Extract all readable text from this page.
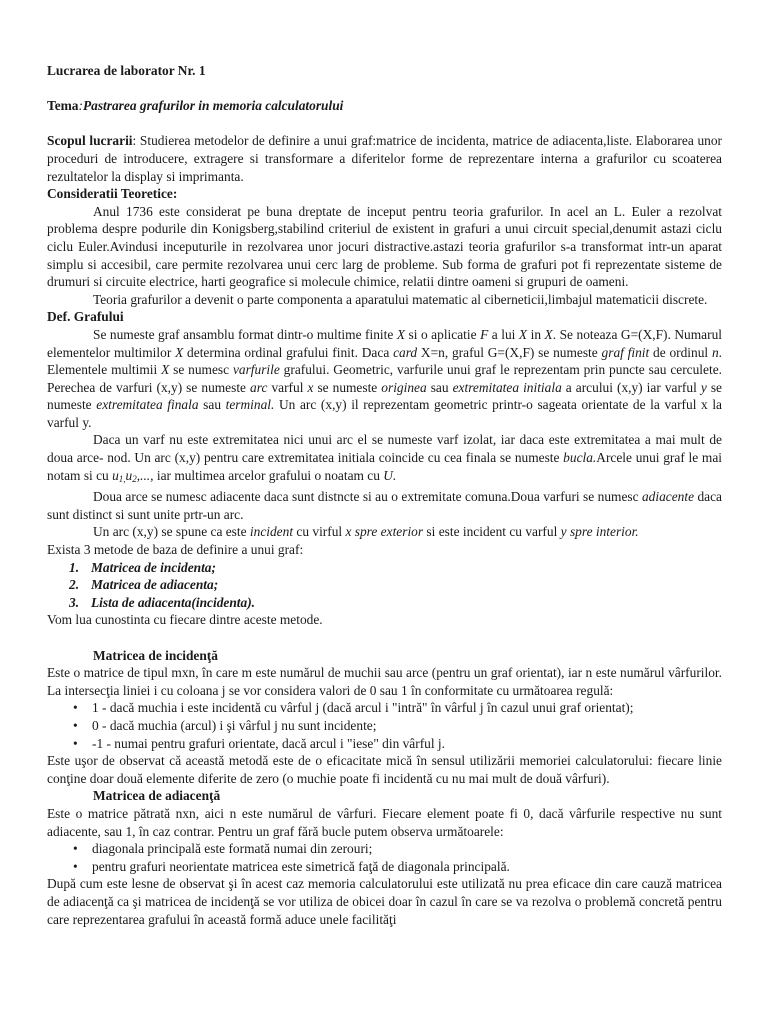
Lucrarea de laborator Nr. 1

Tema:Pastrarea grafurilor in memoria calculatorului

Scopul lucrarii: Studierea metodelor de definire a unui graf:matrice de incidenta, matrice de adiacenta,liste. Elaborarea unor proceduri de introducere, extragere si transformare a diferitelor forme de reprezentare interna a grafurilor cu scoaterea rezultatelor la display si imprimanta.

Consideratii Teoretice:

Anul 1736 este considerat pe buna dreptate de inceput pentru teoria grafurilor. In acel an L. Euler a rezolvat problema despre podurile din Konigsberg,stabilind criteriul de existent in grafuri a unui circuit special,denumit astazi ciclu ciclu Euler.Avindusi inceputurile in rezolvarea unor jocuri distractive.astazi teoria grafurilor s-a transformat intr-un aparat simplu si accesibil, care permite rezolvarea unui cerc larg de probleme. Sub forma de grafuri pot fi reprezentate sisteme de drumuri si circuite electrice, harti geografice si molecule chimice, relatii dintre oameni si grupuri de oameni.

Teoria grafurilor a devenit o parte componenta a aparatului matematic al ciberneticii,limbajul matematicii discrete.

Def. Grafului

Se numeste graf ansamblu format dintr-o multime finite X si o aplicatie F a lui X in X. Se noteaza G=(X,F). Numarul elementelor multimilor X determina ordinal grafului finit. Daca card X=n, graful G=(X,F) se numeste graf finit de ordinul n. Elementele multimii X se numesc varfurile grafului. Geometric, varfurile unui graf le reprezentam prin puncte sau cerculete. Perechea de varfuri (x,y) se numeste arc varful x se numeste originea sau extremitatea initiala a arcului (x,y) iar varful y se numeste extremitatea finala sau terminal. Un arc (x,y) il reprezentam geometric printr-o sageata orientate de la varful x la varful y.

Daca un varf nu este extremitatea nici unui arc el se numeste varf izolat, iar daca este extremitatea a mai mult de doua arce- nod. Un arc (x,y) pentru care extremitatea initiala coincide cu cea finala se numeste bucla.Arcele unui graf le mai notam si cu $u_{1,}u_2$,..., iar multimea arcelor grafului o noatam cu U.

Doua arce se numesc adiacente daca sunt distncte si au o extremitate comuna.Doua varfuri se numesc adiacente daca sunt distinct si sunt unite prtr-un arc.

Un arc (x,y) se spune ca este incident cu virful x spre exterior si este incident cu varful y spre interior.

Exista 3 metode de baza de definire a unui graf:

1. Matricea de incidenta;
2. Matricea de adiacenta;
3. Lista de adiacenta(incidenta).

Vom lua cunostinta cu fiecare dintre aceste metode.

Matricea de incidenţă

Este o matrice de tipul mxn, în care m este numărul de muchii sau arce (pentru un graf orientat), iar n este numărul vârfurilor. La intersecţia liniei i cu coloana j se vor considera valori de 0 sau 1 în conformitate cu următoarea regulă:

• 1 - dacă muchia i este incidentă cu vârful j (dacă arcul i "intră" în vârful j în cazul unui graf orientat);
• 0 - dacă muchia (arcul) i şi vârful j nu sunt incidente;
• -1 - numai pentru grafuri orientate, dacă arcul i "iese" din vârful j.

Este uşor de observat că această metodă este de o eficacitate mică în sensul utilizării memoriei calculatorului: fiecare linie conţine doar două elemente diferite de zero (o muchie poate fi incidentă cu nu mai mult de două vârfuri).

Matricea de adiacenţă

Este o matrice pătrată nxn, aici n este numărul de vârfuri. Fiecare element poate fi 0, dacă vârfurile respective nu sunt adiacente, sau 1, în caz contrar. Pentru un graf fără bucle putem observa următoarele:

• diagonala principală este formată numai din zerouri;
• pentru grafuri neorientate matricea este simetrică faţă de diagonala principală.

După cum este lesne de observat şi în acest caz memoria calculatorului este utilizată nu prea eficace din care cauză matricea de adiacenţă ca şi matricea de incidenţă se vor utiliza de obicei doar în cazul în care se va rezolva o problemă concretă pentru care reprezentarea grafului în această formă aduce unele facilităţi
